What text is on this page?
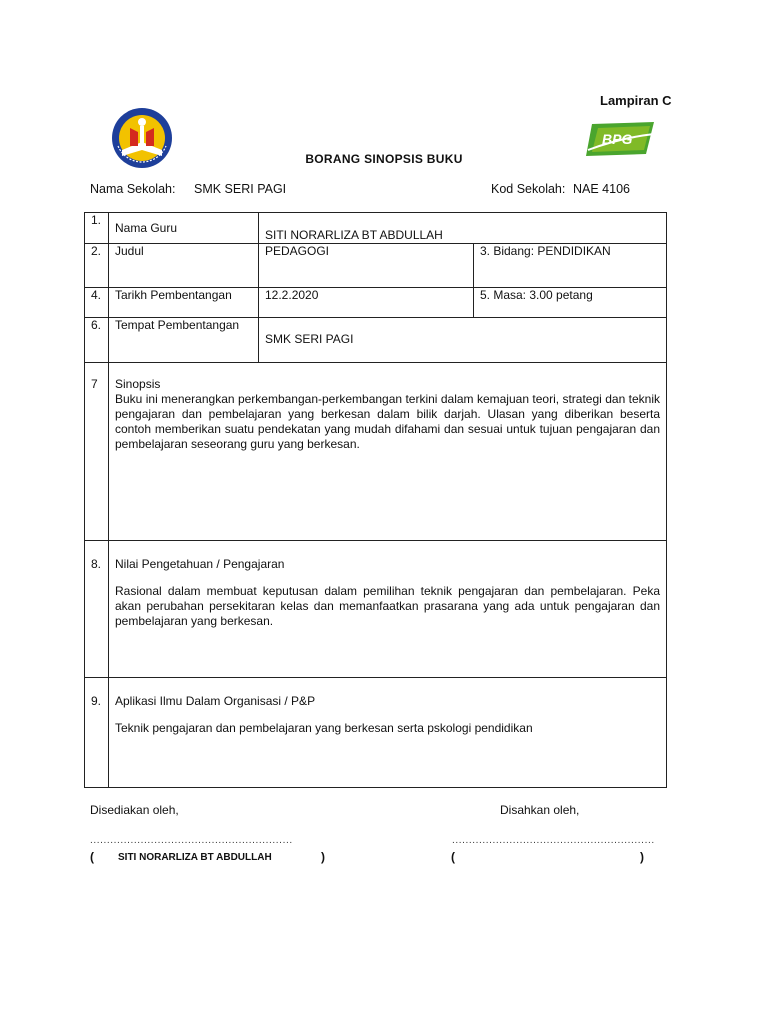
Lampiran C
BPG
BORANG SINOPSIS BUKU
Nama Sekolah: SMK SERI PAGI	Kod Sekolah: NAE 4106
1.	Nama Guru	SITI NORARLIZA BT ABDULLAH	
2.	Judul	PEDAGOGI	3. Bidang: PENDIDIKAN
4.	Tarikh Pembentangan	12.2.2020	5. Masa: 3.00 petang
6.	Tempat Pembentangan	SMK SERI PAGI	
7	Sinopsis
Buku ini menerangkan perkembangan-perkembangan terkini dalam kemajuan teori, strategi dan teknik pengajaran dan pembelajaran yang berkesan dalam bilik darjah. Ulasan yang diberikan beserta contoh memberikan suatu pendekatan yang mudah difahami dan sesuai untuk tujuan pengajaran dan pembelajaran seseorang guru yang berkesan.		

8.	Nilai Pengetahuan / Pengajaran
Rasional dalam membuat keputusan dalam pemilihan teknik pengajaran dan pembelajaran. Peka akan perubahan persekitaran kelas dan memanfaatkan prasarana yang ada untuk pengajaran dan pembelajaran yang berkesan.		

9.	Aplikasi Ilmu Dalam Organisasi / P&P
Teknik pengajaran dan pembelajaran yang berkesan serta pskologi pendidikan		
Disediakan oleh,	Disahkan oleh,
............................................................	............................................................
( SITI NORARLIZA BT ABDULLAH	)	(	)
